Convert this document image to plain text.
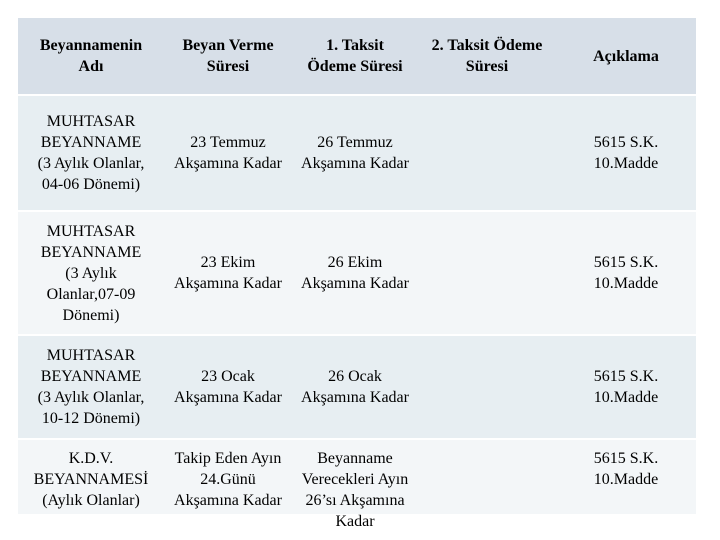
Beyannamenin
Adı
Beyan Verme
Süresi
1. Taksit
Ödeme Süresi
2. Taksit Ödeme
Süresi
Açıklama
MUHTASAR
BEYANNAME
(3 Aylık Olanlar,
04-06 Dönemi)
23 Temmuz
Akşamına Kadar
26 Temmuz
Akşamına Kadar
5615 S.K.
10.Madde
MUHTASAR
BEYANNAME
(3 Aylık
Olanlar,07-09
Dönemi)
23 Ekim
Akşamına Kadar
26 Ekim
Akşamına Kadar
5615 S.K.
10.Madde
MUHTASAR
BEYANNAME
(3 Aylık Olanlar,
10-12 Dönemi)
23 Ocak
Akşamına Kadar
26 Ocak
Akşamına Kadar
5615 S.K.
10.Madde
K.D.V.
BEYANNAMESİ
(Aylık Olanlar)
Takip Eden Ayın
24.Günü
Akşamına Kadar
Beyanname
Verecekleri Ayın
26’sı Akşamına
Kadar
5615 S.K.
10.Madde
